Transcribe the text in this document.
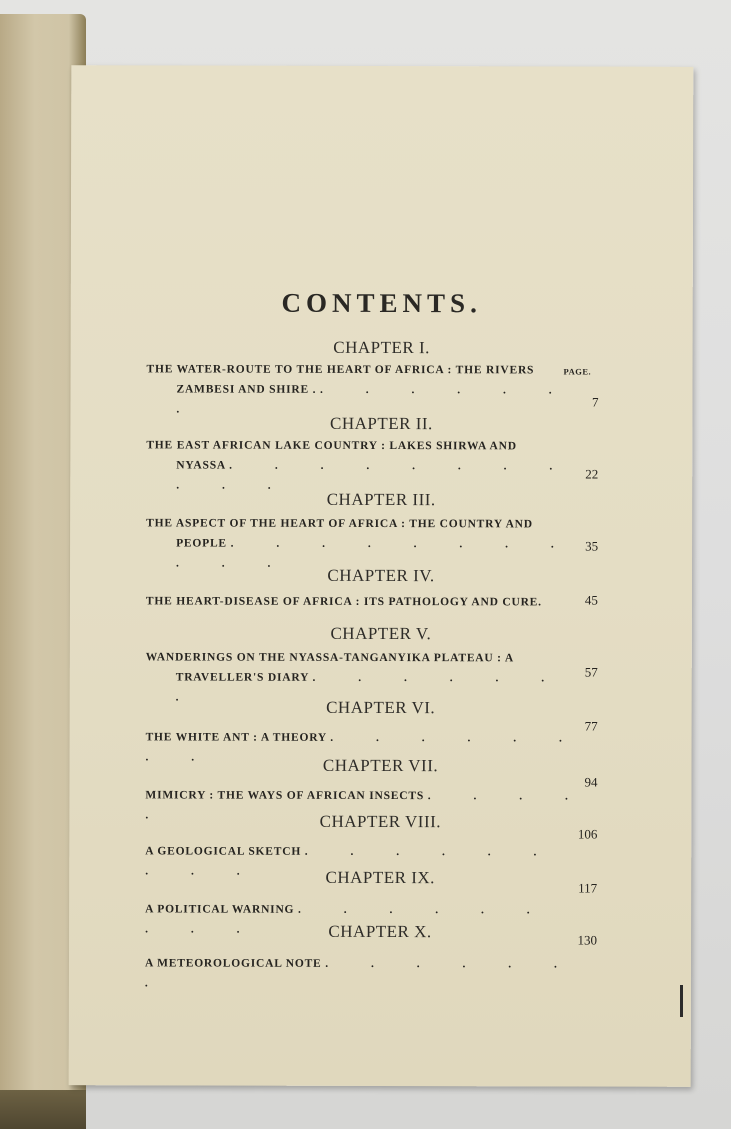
CONTENTS.
CHAPTER I.
PAGE.
THE WATER-ROUTE TO THE HEART OF AFRICA : THE RIVERS
ZAMBESI AND SHIRE . . . . . . . .	7
CHAPTER II.
THE EAST AFRICAN LAKE COUNTRY : LAKES SHIRWA AND
NYASSA . . . . . . . . . . .
22
CHAPTER III.
THE ASPECT OF THE HEART OF AFRICA : THE COUNTRY AND
PEOPLE . . . . . . . . . . .
35
CHAPTER IV.
THE HEART-DISEASE OF AFRICA : ITS PATHOLOGY AND CURE.	45
CHAPTER V.
WANDERINGS ON THE NYASSA-TANGANYIKA PLATEAU : A
TRAVELLER'S DIARY . . . . . . .
57
CHAPTER VI.
THE WHITE ANT : A THEORY . . . . . . . .
77
CHAPTER VII.
MIMICRY : THE WAYS OF AFRICAN INSECTS . . . . .
94
CHAPTER VIII.
A GEOLOGICAL SKETCH . . . . . . . . .
106
CHAPTER IX.
A POLITICAL WARNING . . . . . . . . .
117
CHAPTER X.
A METEOROLOGICAL NOTE . . . . . . .
130
